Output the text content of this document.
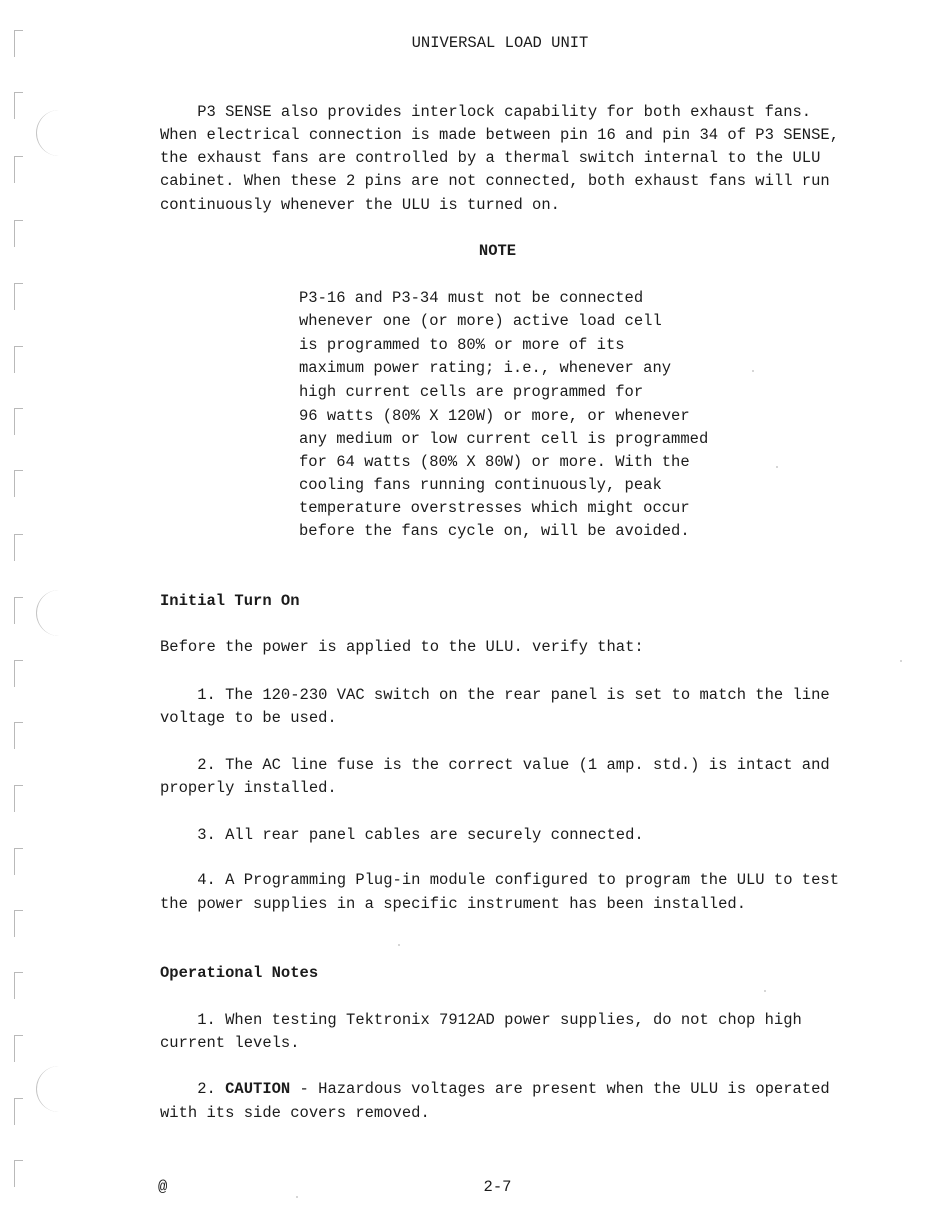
UNIVERSAL LOAD UNIT
P3 SENSE also provides interlock capability for both exhaust fans.
When electrical connection is made between pin 16 and pin 34 of P3 SENSE,
the exhaust fans are controlled by a thermal switch internal to the ULU
cabinet. When these 2 pins are not connected, both exhaust fans will run
continuously whenever the ULU is turned on.
NOTE
P3-16 and P3-34 must not be connected
whenever one (or more) active load cell
is programmed to 80% or more of its
maximum power rating; i.e., whenever any
high current cells are programmed for
96 watts (80% X 120W) or more, or whenever
any medium or low current cell is programmed
for 64 watts (80% X 80W) or more. With the
cooling fans running continuously, peak
temperature overstresses which might occur
before the fans cycle on, will be avoided.
Initial Turn On
Before the power is applied to the ULU. verify that:
1. The 120-230 VAC switch on the rear panel is set to match the line
voltage to be used.
2. The AC line fuse is the correct value (1 amp. std.) is intact and
properly installed.
3. All rear panel cables are securely connected.
4. A Programming Plug-in module configured to program the ULU to test
the power supplies in a specific instrument has been installed.
Operational Notes
1. When testing Tektronix 7912AD power supplies, do not chop high
current levels.
2. CAUTION - Hazardous voltages are present when the ULU is operated
with its side covers removed.
@	2-7
